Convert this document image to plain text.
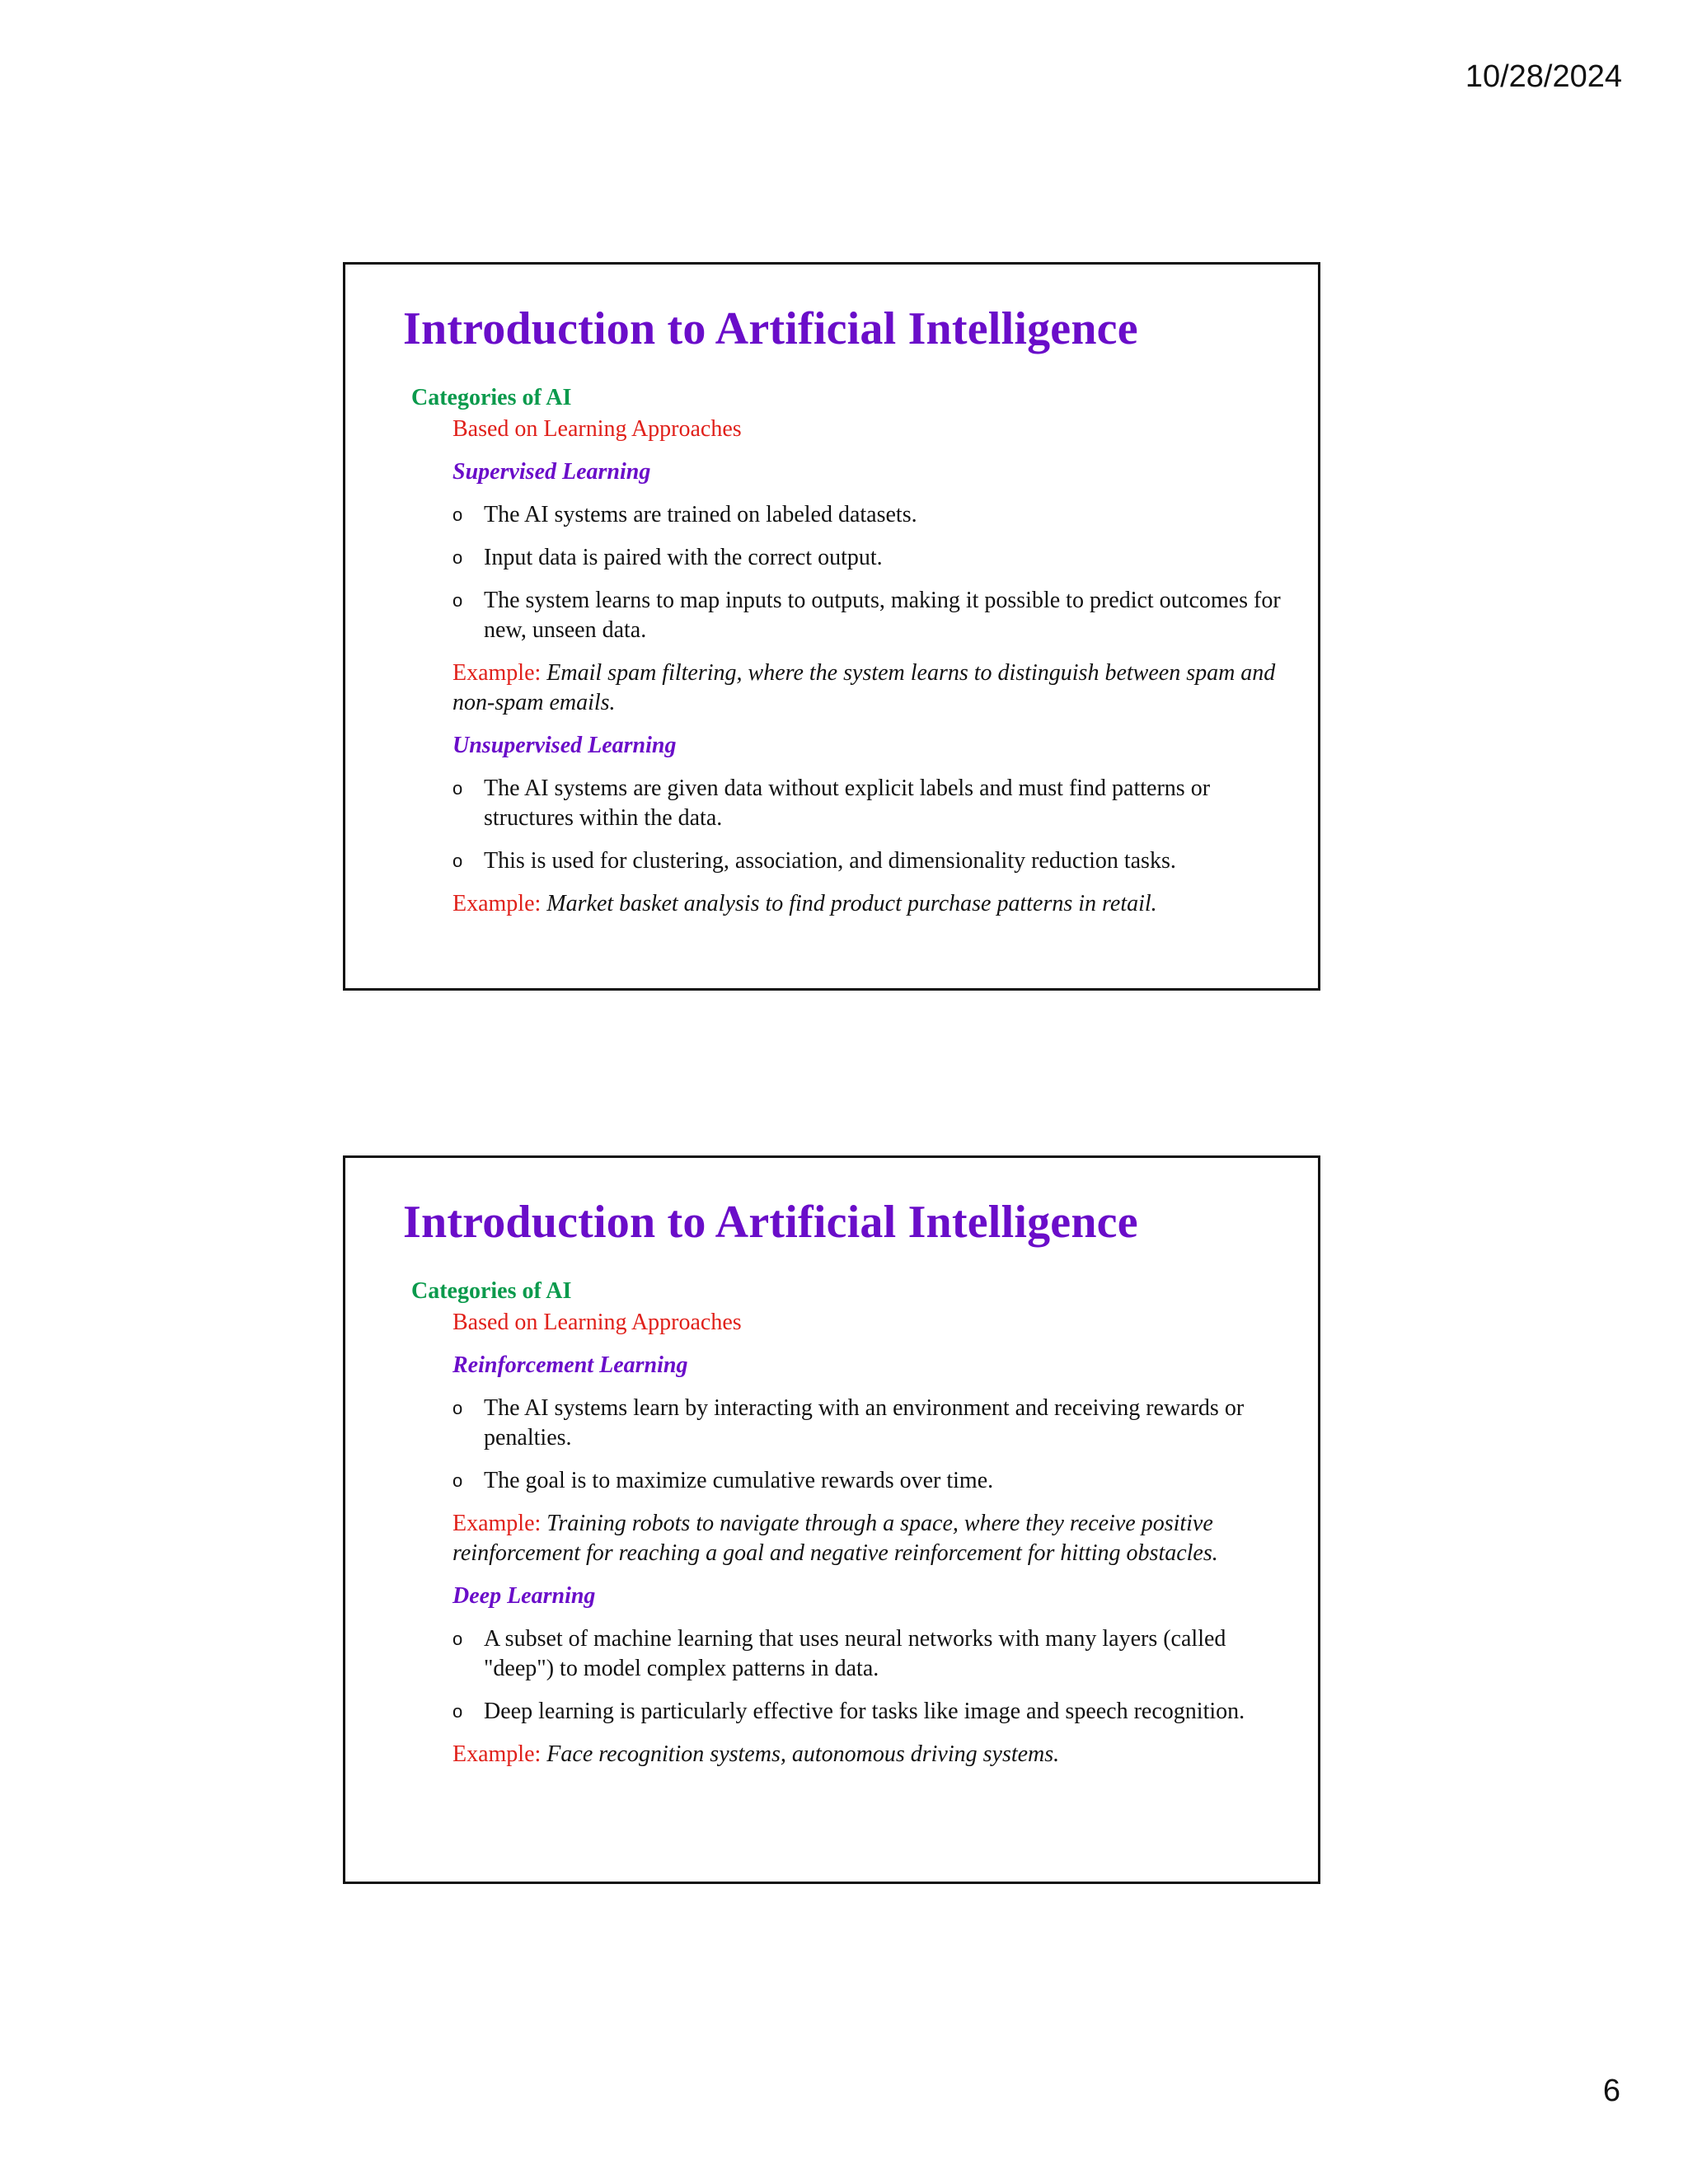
10/28/2024
Introduction to Artificial Intelligence
Categories of AI
Based on Learning Approaches
Supervised Learning
o The AI systems are trained on labeled datasets.
o Input data is paired with the correct output.
o The system learns to map inputs to outputs, making it possible to predict outcomes for new, unseen data.
Example: Email spam filtering, where the system learns to distinguish between spam and non-spam emails.
Unsupervised Learning
o The AI systems are given data without explicit labels and must find patterns or structures within the data.
o This is used for clustering, association, and dimensionality reduction tasks.
Example: Market basket analysis to find product purchase patterns in retail.
Introduction to Artificial Intelligence
Categories of AI
Based on Learning Approaches
Reinforcement Learning
o The AI systems learn by interacting with an environment and receiving rewards or penalties.
o The goal is to maximize cumulative rewards over time.
Example: Training robots to navigate through a space, where they receive positive reinforcement for reaching a goal and negative reinforcement for hitting obstacles.
Deep Learning
o A subset of machine learning that uses neural networks with many layers (called "deep") to model complex patterns in data.
o Deep learning is particularly effective for tasks like image and speech recognition.
Example: Face recognition systems, autonomous driving systems.
6
